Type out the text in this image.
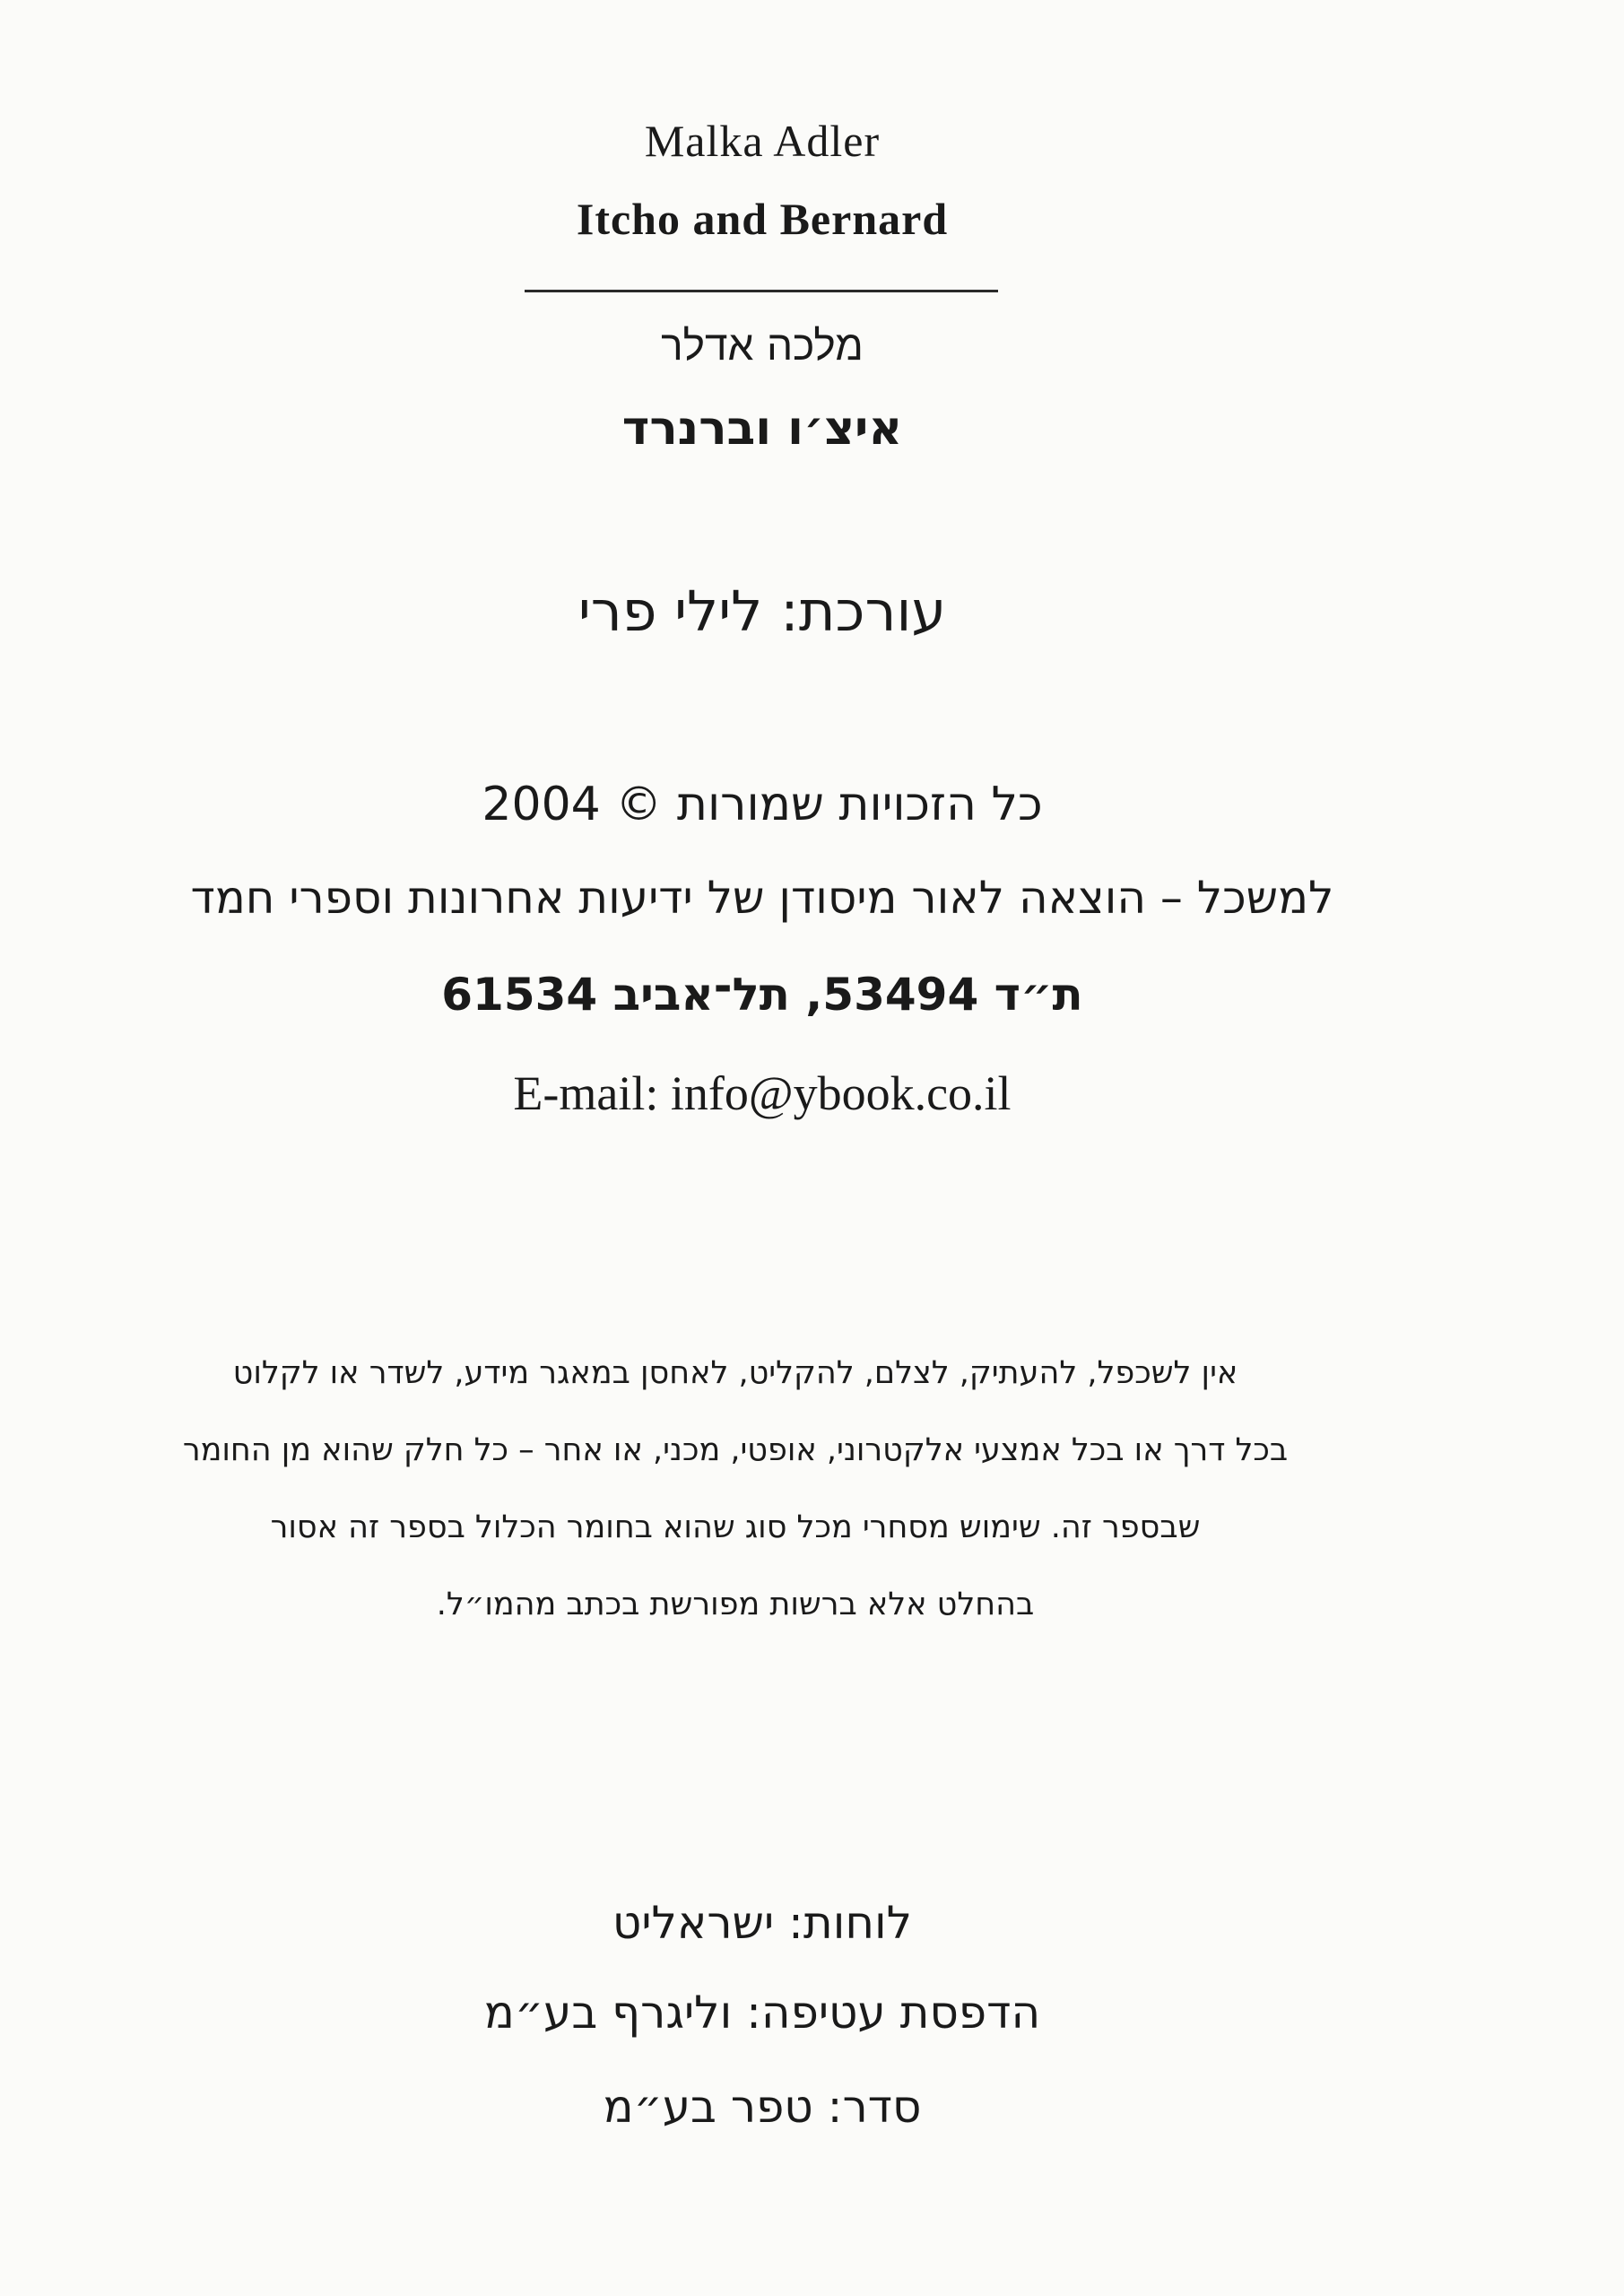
Malka Adler
Itcho and Bernard
מלכה אדלר
איצ׳ו וברנרד
עורכת: לילי פרי
כל הזכויות שמורות © 2004
למשכל – הוצאה לאור מיסודן של ידיעות אחרונות וספרי חמד
ת״ד 53494, תל־אביב 61534
E-mail: info@ybook.co.il
אין לשכפל, להעתיק, לצלם, להקליט, לאחסן במאגר מידע, לשדר או לקלוט
בכל דרך או בכל אמצעי אלקטרוני, אופטי, מכני, או אחר – כל חלק שהוא מן החומר
שבספר זה. שימוש מסחרי מכל סוג שהוא בחומר הכלול בספר זה אסור
בהחלט אלא ברשות מפורשת בכתב מהמו״ל.
לוחות: ישראליט
הדפסת עטיפה: וליגרף בע״מ
סדר: טפר בע״מ
